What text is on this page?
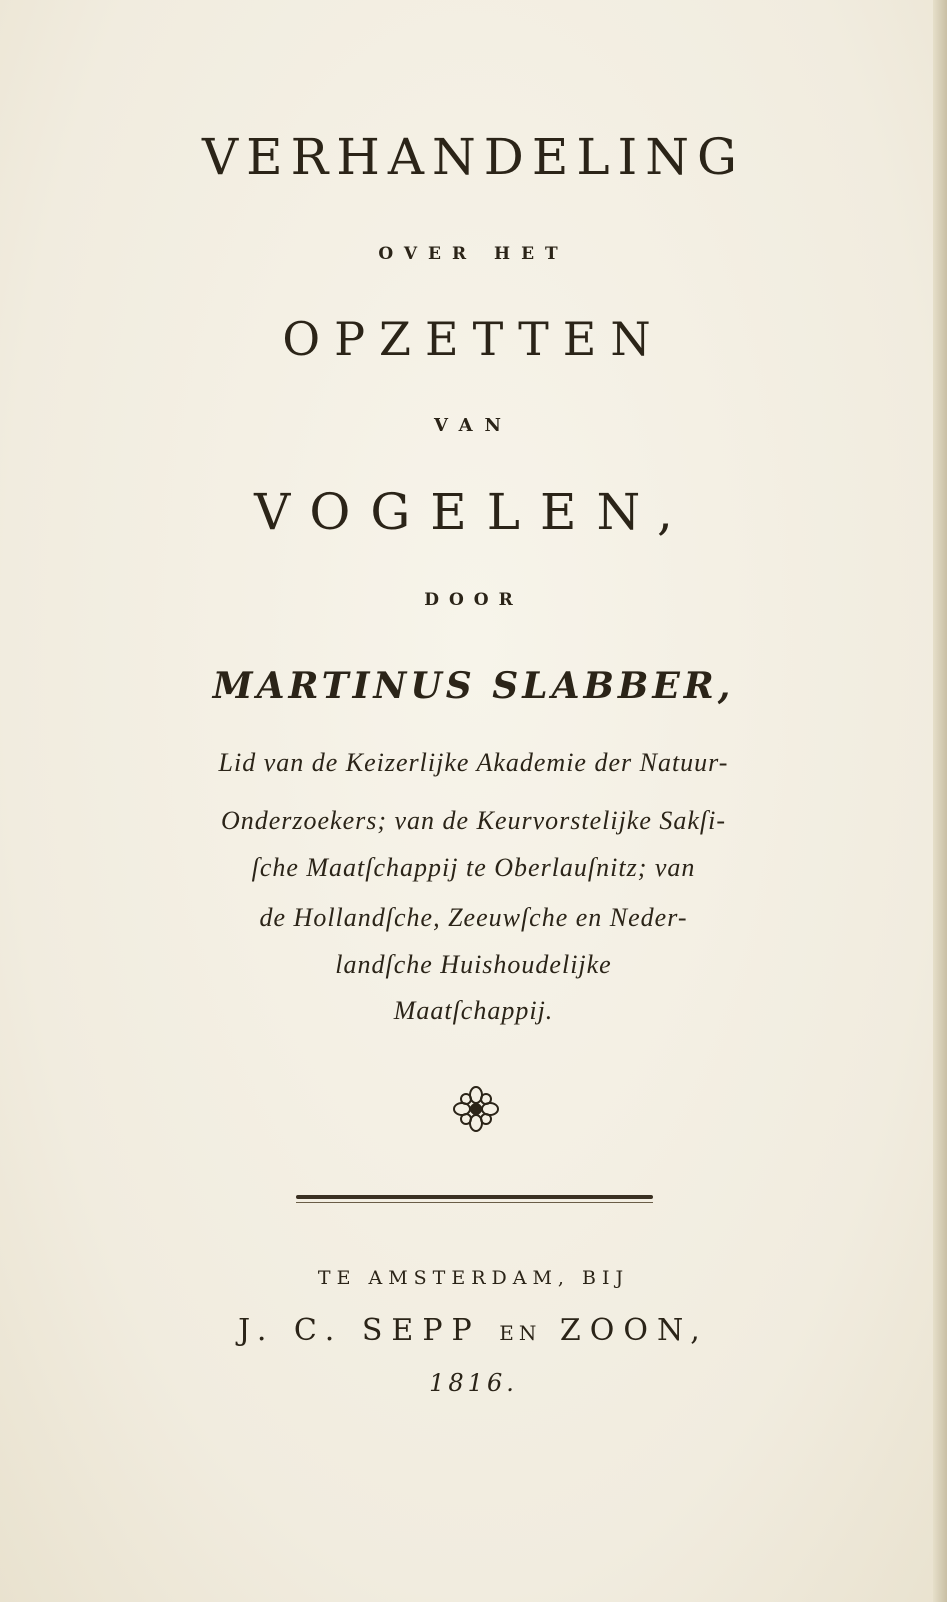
VERHANDELING
OVER HET
OPZETTEN
VAN
VOGELEN,
DOOR
MARTINUS SLABBER,
Lid van de Keizerlijke Akademie der Natuur-
Onderzoekers; van de Keurvorstelijke Sakſi-
ſche Maatſchappij te Oberlauſnitz; van
de Hollandſche, Zeeuwſche en Neder-
landſche Huishoudelijke
Maatſchappij.
TE AMSTERDAM, BIJ
J. C. SEPP EN ZOON,
1816.
